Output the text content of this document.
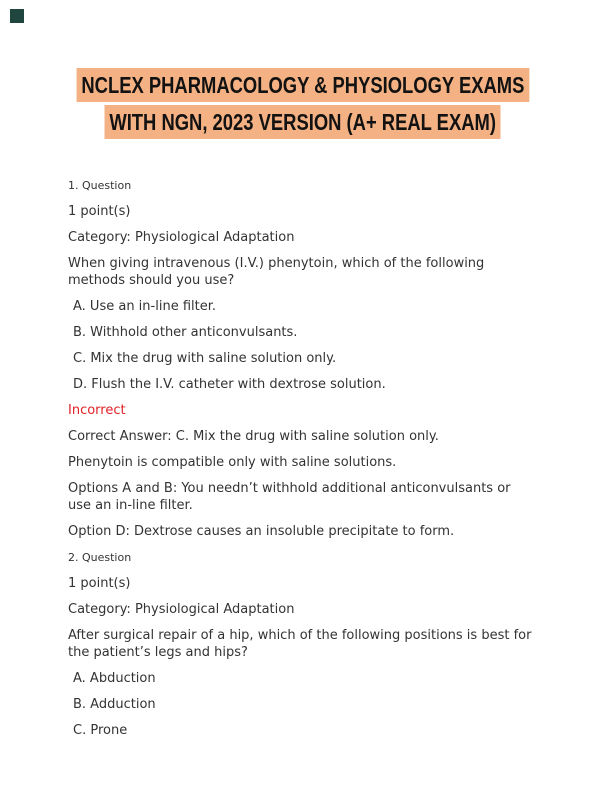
NCLEX PHARMACOLOGY & PHYSIOLOGY EXAMS
WITH NGN, 2023 VERSION (A+ REAL EXAM)

1. Question

1 point(s)

Category: Physiological Adaptation

When giving intravenous (I.V.) phenytoin, which of the following methods should you use?

A. Use an in-line filter.

B. Withhold other anticonvulsants.

C. Mix the drug with saline solution only.

D. Flush the I.V. catheter with dextrose solution.

Incorrect

Correct Answer: C. Mix the drug with saline solution only.

Phenytoin is compatible only with saline solutions.

Options A and B: You needn’t withhold additional anticonvulsants or use an in-line filter.

Option D: Dextrose causes an insoluble precipitate to form.

2. Question

1 point(s)

Category: Physiological Adaptation

After surgical repair of a hip, which of the following positions is best for the patient’s legs and hips?

A. Abduction

B. Adduction

C. Prone
